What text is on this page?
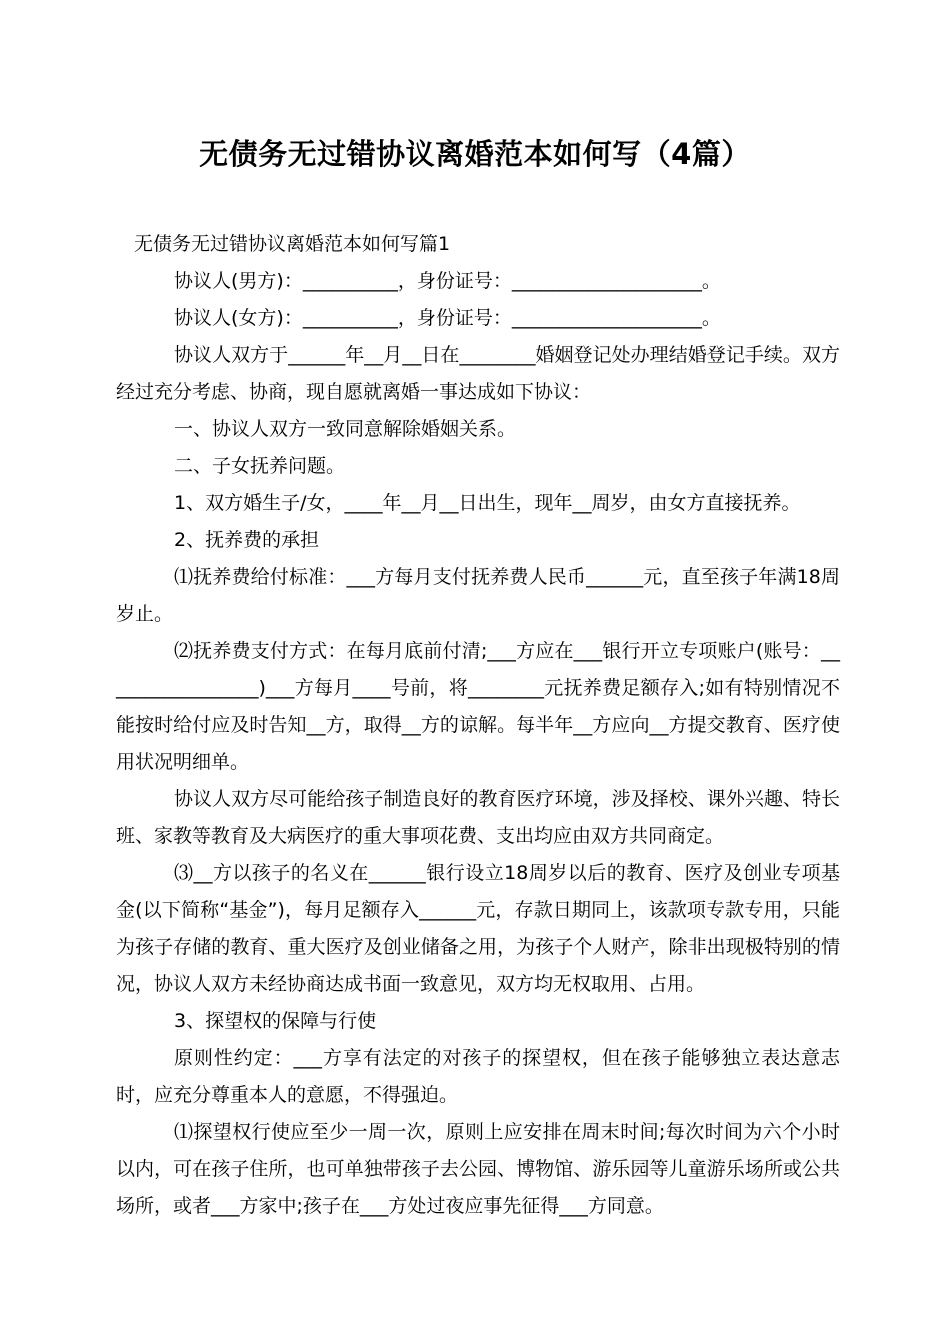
无债务无过错协议离婚范本如何写（4篇）

无债务无过错协议离婚范本如何写篇1

协议人(男方)：__________，身份证号：____________________。

协议人(女方)：__________，身份证号：____________________。

协议人双方于______年__月__日在________婚姻登记处办理结婚登记手续。双方经过充分考虑、协商，现自愿就离婚一事达成如下协议：

一、协议人双方一致同意解除婚姻关系。

二、子女抚养问题。

1、双方婚生子/女，____年__月__日出生，现年__周岁，由女方直接抚养。

2、抚养费的承担

⑴抚养费给付标准：___方每月支付抚养费人民币______元，直至孩子年满18周岁止。

⑵抚养费支付方式：在每月底前付清;___方应在___银行开立专项账户(账号：_________________)___方每月____号前，将________元抚养费足额存入;如有特别情况不能按时给付应及时告知__方，取得__方的谅解。每半年__方应向__方提交教育、医疗使用状况明细单。

协议人双方尽可能给孩子制造良好的教育医疗环境，涉及择校、课外兴趣、特长班、家教等教育及大病医疗的重大事项花费、支出均应由双方共同商定。

⑶__方以孩子的名义在______银行设立18周岁以后的教育、医疗及创业专项基金(以下简称“基金”)，每月足额存入______元，存款日期同上，该款项专款专用，只能为孩子存储的教育、重大医疗及创业储备之用，为孩子个人财产，除非出现极特别的情况，协议人双方未经协商达成书面一致意见，双方均无权取用、占用。

3、探望权的保障与行使

原则性约定：___方享有法定的对孩子的探望权，但在孩子能够独立表达意志时，应充分尊重本人的意愿，不得强迫。

⑴探望权行使应至少一周一次，原则上应安排在周末时间;每次时间为六个小时以内，可在孩子住所，也可单独带孩子去公园、博物馆、游乐园等儿童游乐场所或公共场所，或者___方家中;孩子在___方处过夜应事先征得___方同意。
